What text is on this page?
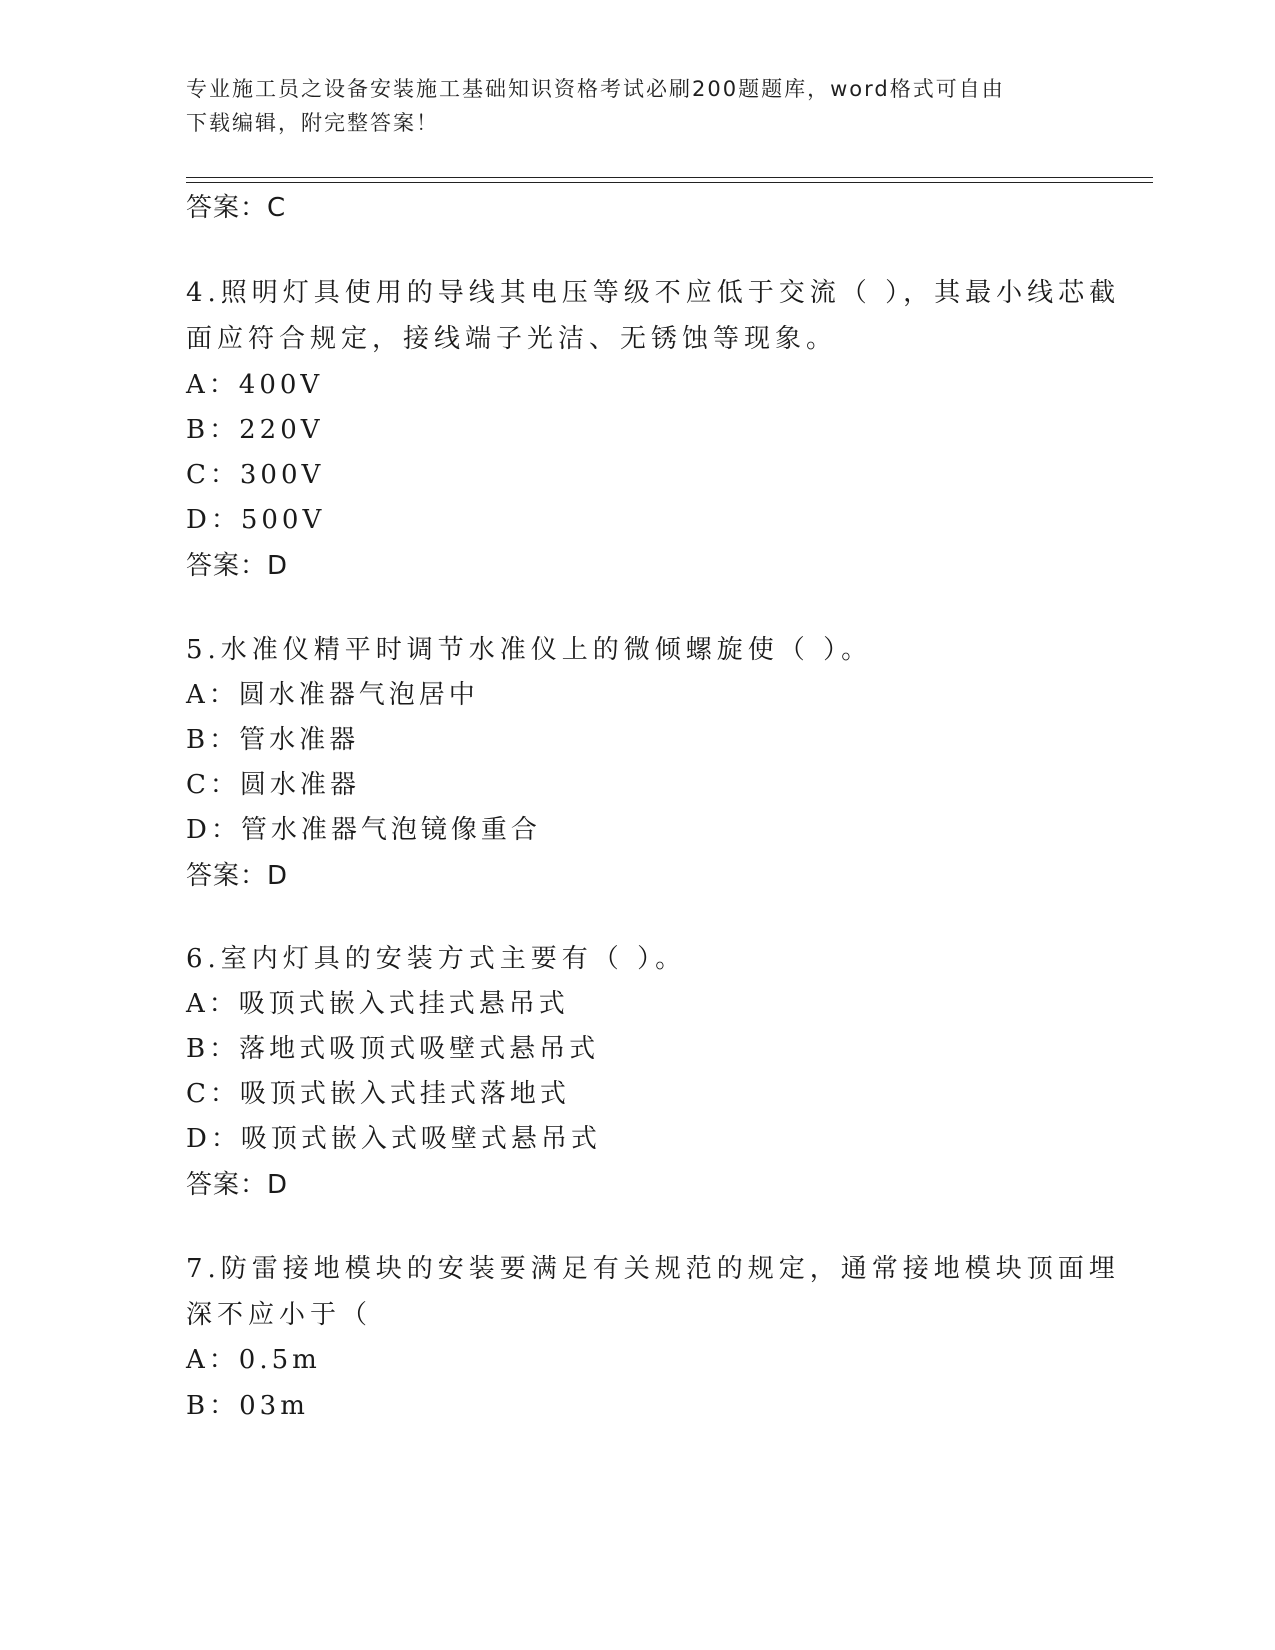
专业施工员之设备安装施工基础知识资格考试必刷200题题库，word格式可自由
下载编辑，附完整答案！
答案：C
4.照明灯具使用的导线其电压等级不应低于交流（ ），其最小线芯截
面应符合规定，接线端子光洁、无锈蚀等现象。
A：400V
B：220V
C：300V
D：500V
答案：D
5.水准仪精平时调节水准仪上的微倾螺旋使（ ）。
A：圆水准器气泡居中
B：管水准器
C：圆水准器
D：管水准器气泡镜像重合
答案：D
6.室内灯具的安装方式主要有（ ）。
A：吸顶式嵌入式挂式悬吊式
B：落地式吸顶式吸壁式悬吊式
C：吸顶式嵌入式挂式落地式
D：吸顶式嵌入式吸壁式悬吊式
答案：D
7.防雷接地模块的安装要满足有关规范的规定，通常接地模块顶面埋
深不应小于（
A：0.5m
B：03m
